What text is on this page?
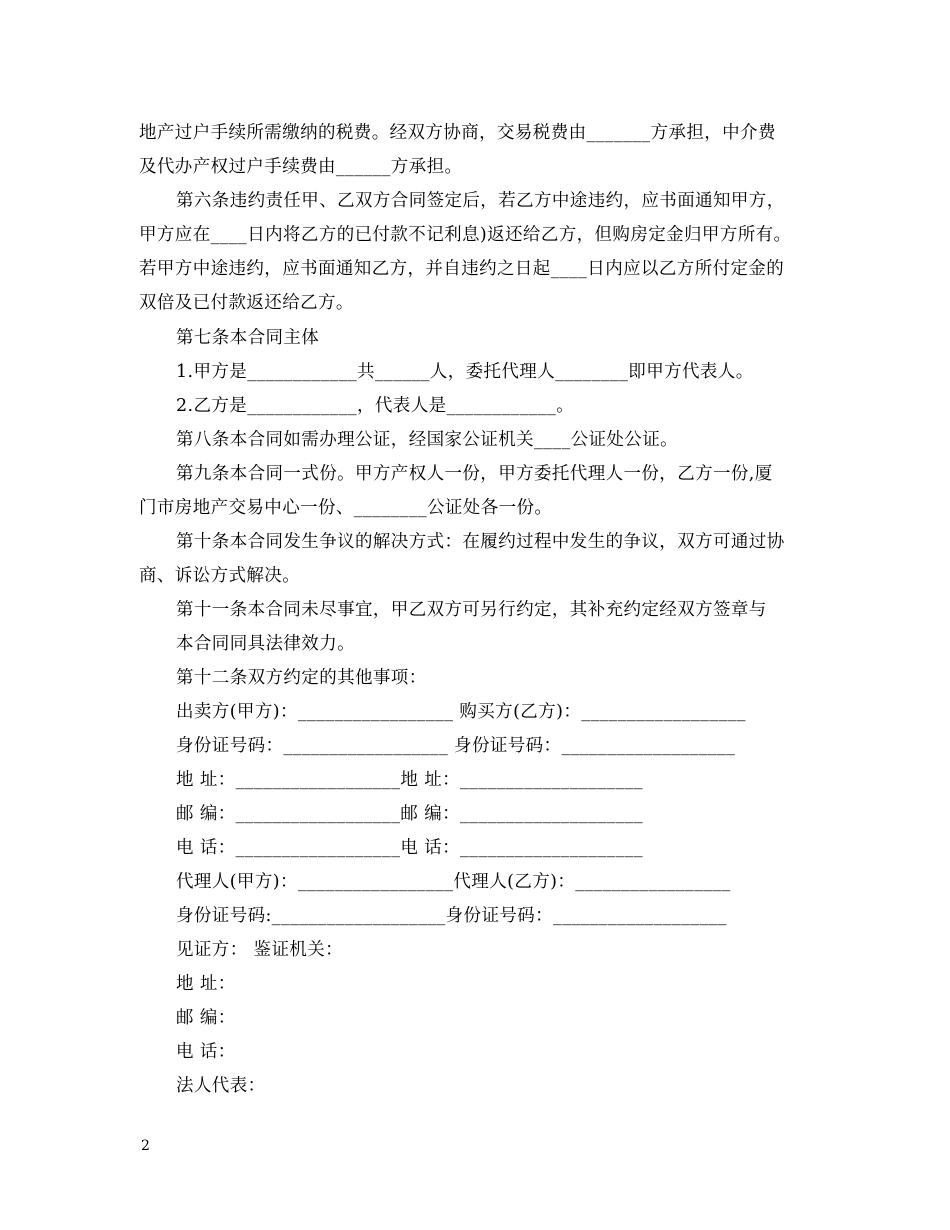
地产过户手续所需缴纳的税费。经双方协商，交易税费由_______方承担，中介费
及代办产权过户手续费由______方承担。
第六条违约责任甲、乙双方合同签定后，若乙方中途违约，应书面通知甲方，
甲方应在____日内将乙方的已付款不记利息)返还给乙方，但购房定金归甲方所有。
若甲方中途违约，应书面通知乙方，并自违约之日起____日内应以乙方所付定金的
双倍及已付款返还给乙方。
第七条本合同主体
1.甲方是____________共______人，委托代理人________即甲方代表人。
2.乙方是____________，代表人是____________。
第八条本合同如需办理公证，经国家公证机关____公证处公证。
第九条本合同一式份。甲方产权人一份，甲方委托代理人一份，乙方一份,厦
门市房地产交易中心一份、________公证处各一份。
第十条本合同发生争议的解决方式：在履约过程中发生的争议，双方可通过协
商、诉讼方式解决。
第十一条本合同未尽事宜，甲乙双方可另行约定，其补充约定经双方签章与
本合同同具法律效力。
第十二条双方约定的其他事项：
出卖方(甲方)：_________________ 购买方(乙方)：__________________
身份证号码：__________________ 身份证号码：___________________
地 址：__________________地 址：____________________
邮 编：__________________邮 编：____________________
电 话：__________________电 话：____________________
代理人(甲方)：_________________代理人(乙方)：_________________
身份证号码:___________________身份证号码：___________________
见证方： 鉴证机关：
地 址：
邮 编：
电 话：
法人代表：
2
